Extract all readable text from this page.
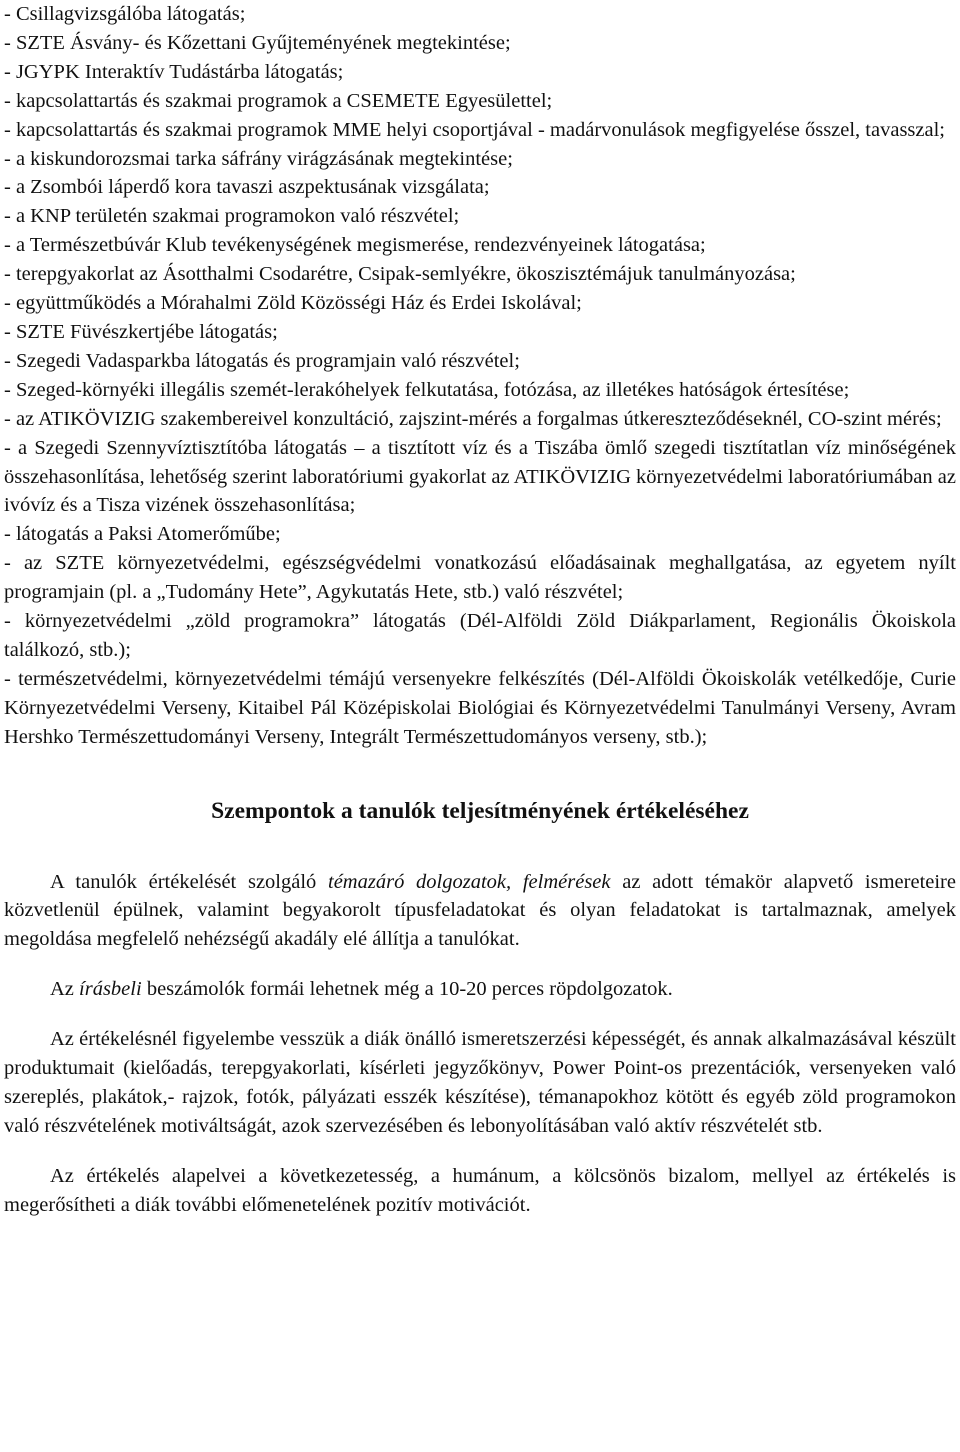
- Csillagvizsgálóba látogatás;

- SZTE Ásvány- és Kőzettani Gyűjteményének megtekintése;

- JGYPK Interaktív Tudástárba látogatás;

- kapcsolattartás és szakmai programok a CSEMETE Egyesülettel;

- kapcsolattartás és szakmai programok MME helyi csoportjával - madárvonulások megfigyelése ősszel, tavasszal;

- a kiskundorozsmai tarka sáfrány virágzásának megtekintése;

- a Zsombói láperdő kora tavaszi aszpektusának vizsgálata;

- a KNP területén szakmai programokon való részvétel;

- a Természetbúvár Klub tevékenységének megismerése, rendezvényeinek látogatása;

- terepgyakorlat az Ásotthalmi Csodarétre, Csipak-semlyékre, ökoszisztémájuk tanulmányozása;

- együttműködés a Mórahalmi Zöld Közösségi Ház és Erdei Iskolával;

- SZTE Füvészkertjébe látogatás;

- Szegedi Vadasparkba látogatás és programjain való részvétel;

- Szeged-környéki illegális szemét-lerakóhelyek felkutatása, fotózása, az illetékes hatóságok értesítése;

- az ATIKÖVIZIG szakembereivel konzultáció, zajszint-mérés a forgalmas útkereszteződéseknél, CO-szint mérés;

- a Szegedi Szennyvíztisztítóba látogatás – a tisztított víz és a Tiszába ömlő szegedi tisztítatlan víz minőségének összehasonlítása, lehetőség szerint laboratóriumi gyakorlat az ATIKÖVIZIG környezetvédelmi laboratóriumában az ivóvíz és a Tisza vizének összehasonlítása;

- látogatás a Paksi Atomerőműbe;

- az SZTE környezetvédelmi, egészségvédelmi vonatkozású előadásainak meghallgatása, az egyetem nyílt programjain (pl. a „Tudomány Hete”, Agykutatás Hete, stb.) való részvétel;

- környezetvédelmi „zöld programokra” látogatás (Dél-Alföldi Zöld Diákparlament, Regionális Ökoiskola találkozó, stb.);

- természetvédelmi, környezetvédelmi témájú versenyekre felkészítés (Dél-Alföldi Ökoiskolák vetélkedője, Curie Környezetvédelmi Verseny, Kitaibel Pál Középiskolai Biológiai és Környezetvédelmi Tanulmányi Verseny, Avram Hershko Természettudományi Verseny, Integrált Természettudományos verseny, stb.);

Szempontok a tanulók teljesítményének értékeléséhez

A tanulók értékelését szolgáló témazáró dolgozatok, felmérések az adott témakör alapvető ismereteire közvetlenül épülnek, valamint begyakorolt típusfeladatokat és olyan feladatokat is tartalmaznak, amelyek megoldása megfelelő nehézségű akadály elé állítja a tanulókat.

Az írásbeli beszámolók formái lehetnek még a 10-20 perces röpdolgozatok.

Az értékelésnél figyelembe vesszük a diák önálló ismeretszerzési képességét, és annak alkalmazásával készült produktumait (kielőadás, terepgyakorlati, kísérleti jegyzőkönyv, Power Point-os prezentációk, versenyeken való szereplés, plakátok,- rajzok, fotók, pályázati esszék készítése), témanapokhoz kötött és egyéb zöld programokon való részvételének motiváltságát, azok szervezésében és lebonyolításában való aktív részvételét stb.

Az értékelés alapelvei a következetesség, a humánum, a kölcsönös bizalom, mellyel az értékelés is megerősítheti a diák további előmenetelének pozitív motivációt.
